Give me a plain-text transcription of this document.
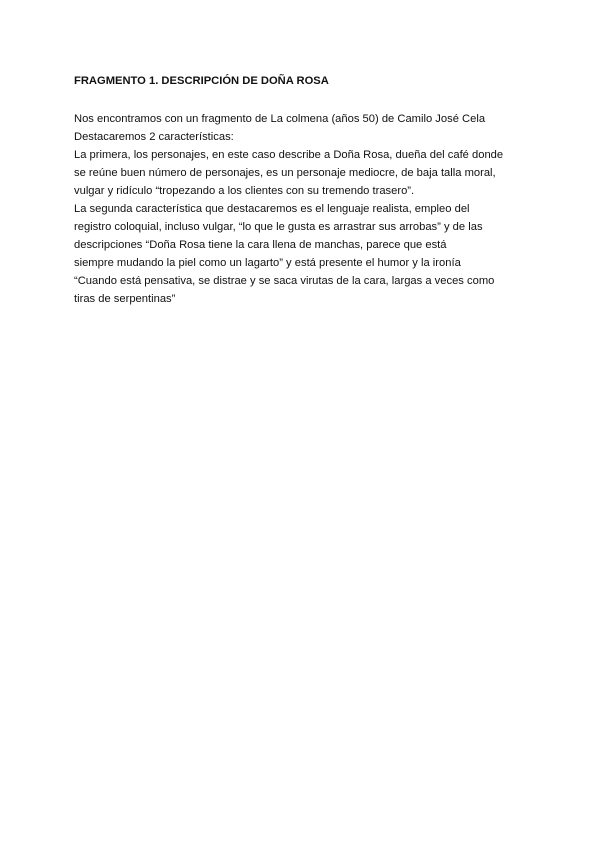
FRAGMENTO 1. DESCRIPCIÓN DE DOÑA ROSA
Nos encontramos con un fragmento de La colmena (años 50) de Camilo José Cela
Destacaremos 2 características:
La primera, los personajes, en este caso describe a Doña Rosa, dueña del café donde
se reúne buen número de personajes, es un personaje mediocre, de baja talla moral,
vulgar y ridículo “tropezando a los clientes con su tremendo trasero”.
La segunda característica que destacaremos es el lenguaje realista, empleo del
registro coloquial, incluso vulgar, “lo que le gusta es arrastrar sus arrobas” y de las
descripciones “Doña Rosa tiene la cara llena de manchas, parece que está
siempre mudando la piel como un lagarto” y está presente el humor y la ironía
“Cuando está pensativa, se distrae y se saca virutas de la cara, largas a veces como
tiras de serpentinas”
